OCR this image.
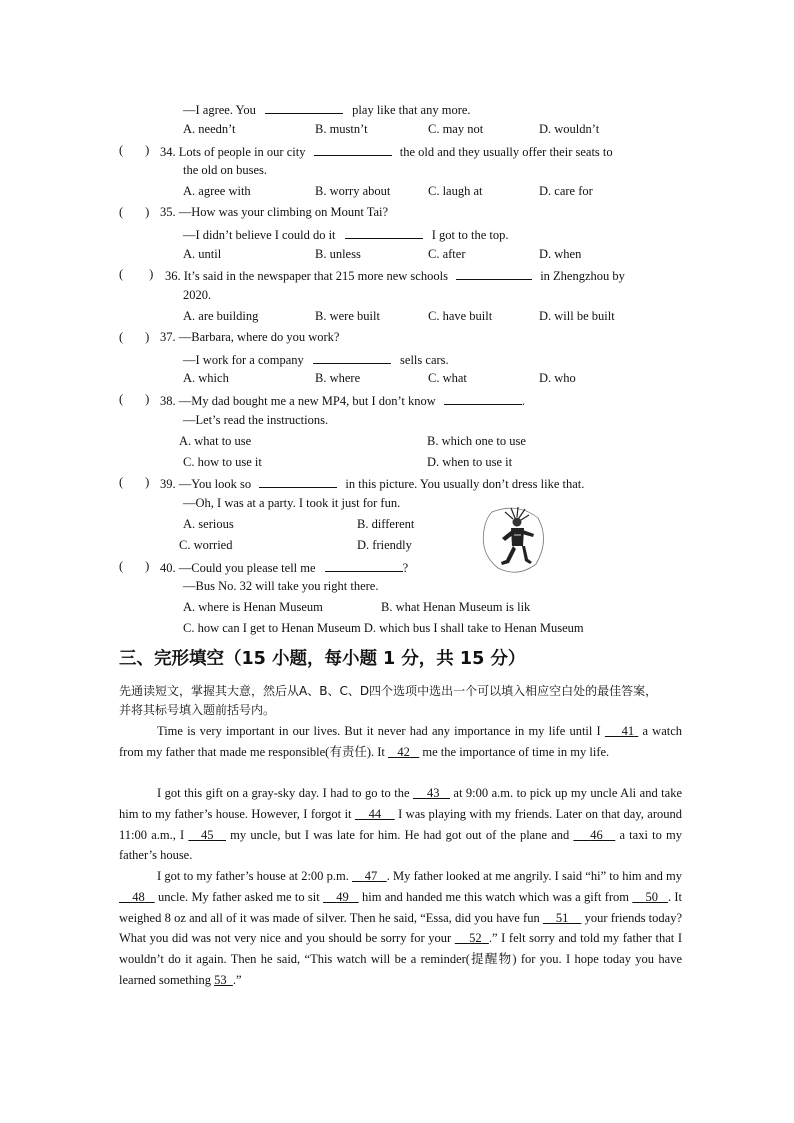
—I agree. You	play like that any more.
A. needn’t	B. mustn’t	C. may not	D. wouldn’t
( ) 34. Lots of people in our city	the old and they usually offer their seats to
the old on buses.
A. agree with	B. worry about	C. laugh at	D. care for
( ) 35. —How was your climbing on Mount Tai?
—I didn’t believe I could do it	I got to the top.
A. until	B. unless	C. after	D. when
( ) 36. It’s said in the newspaper that 215 more new schools	in Zhengzhou by
2020.
A. are building	B. were built	C. have built	D. will be built
( ) 37. —Barbara, where do you work?
—I work for a company	sells cars.
A. which	B. where	C. what	D. who
( ) 38. —My dad bought me a new MP4, but I don’t know	.
—Let’s read the instructions.
A. what to use	B. which one to use
C. how to use it	D. when to use it
( ) 39. —You look so	in this picture. You usually don’t dress like that.
—Oh, I was at a party. I took it just for fun.
A. serious	B. different
C. worried	D. friendly
( ) 40. —Could you please tell me	?
—Bus No. 32 will take you right there.
A. where is Henan Museum	B. what Henan Museum is lik
C. how can I get to Henan Museum D. which bus I shall take to Henan Museum
三、完形填空（15 小题，每小题 1 分，共 15 分）
先通读短文，掌握其大意，然后从A、B、C、D四个选项中选出一个可以填入相应空白处的最佳答案，
并将其标号填入题前括号内。
Time is very important in our lives. But it never had any importance in my life until I     41  a watch from my father that made me responsible(有责任). It    42    me the importance of time in my life.
I got this gift on a gray-sky day. I had to go to the     43    at 9:00 a.m. to pick up my uncle Ali and take him to my father’s house. However, I forgot it     44     I was playing with my friends. Later on that day, around 11:00 a.m., I    45    my uncle, but I was late for him. He had got out of the plane and     46    a taxi to my father’s house.
I got to my father’s house at 2:00 p.m.     47 . My father looked at me angrily. I said “hi” to him and my     48    uncle. My father asked me to sit     49    him and handed me this watch which was a gift from     50 . It weighed 8 oz and all of it was made of silver. Then he said, “Essa, did you have fun     51     your friends today? What you did was not very nice and you should be sorry for your     52 .” I felt sorry and told my father that I wouldn’t do it again. Then he said, “This watch will be a reminder(提醒物) for you. I hope today you have learned something 53 .”
